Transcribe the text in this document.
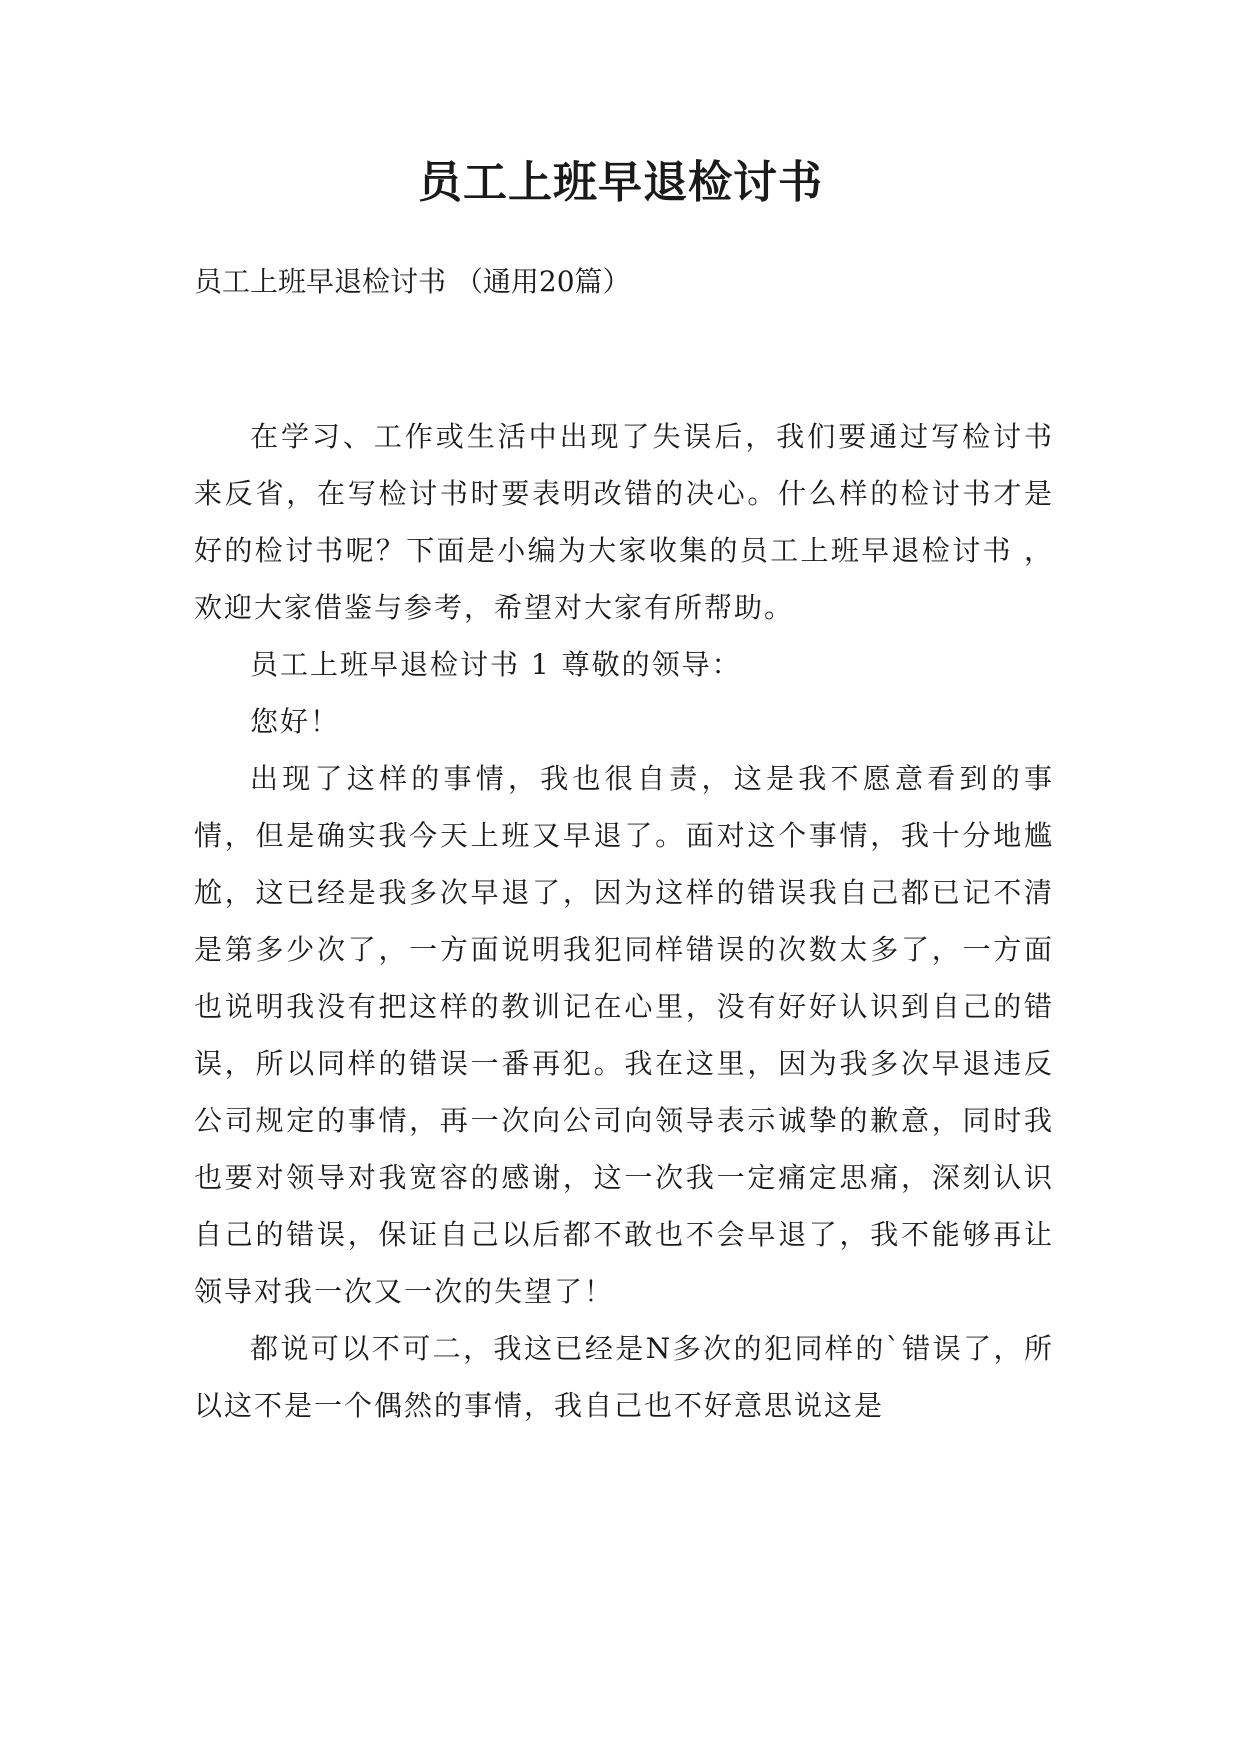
员工上班早退检讨书
员工上班早退检讨书 （通用20篇）

在学习、工作或生活中出现了失误后，我们要通过写检讨书来反省，在写检讨书时要表明改错的决心。什么样的检讨书才是好的检讨书呢？下面是小编为大家收集的员工上班早退检讨书 ，欢迎大家借鉴与参考，希望对大家有所帮助。

员工上班早退检讨书 1 尊敬的领导：

您好！

出现了这样的事情，我也很自责，这是我不愿意看到的事情，但是确实我今天上班又早退了。面对这个事情，我十分地尴尬，这已经是我多次早退了，因为这样的错误我自己都已记不清是第多少次了，一方面说明我犯同样错误的次数太多了，一方面也说明我没有把这样的教训记在心里，没有好好认识到自己的错误，所以同样的错误一番再犯。我在这里，因为我多次早退违反公司规定的事情，再一次向公司向领导表示诚挚的歉意，同时我也要对领导对我宽容的感谢，这一次我一定痛定思痛，深刻认识自己的错误，保证自己以后都不敢也不会早退了，我不能够再让领导对我一次又一次的失望了！

都说可以不可二，我这已经是N多次的犯同样的`错误了，所以这不是一个偶然的事情，我自己也不好意思说这是
